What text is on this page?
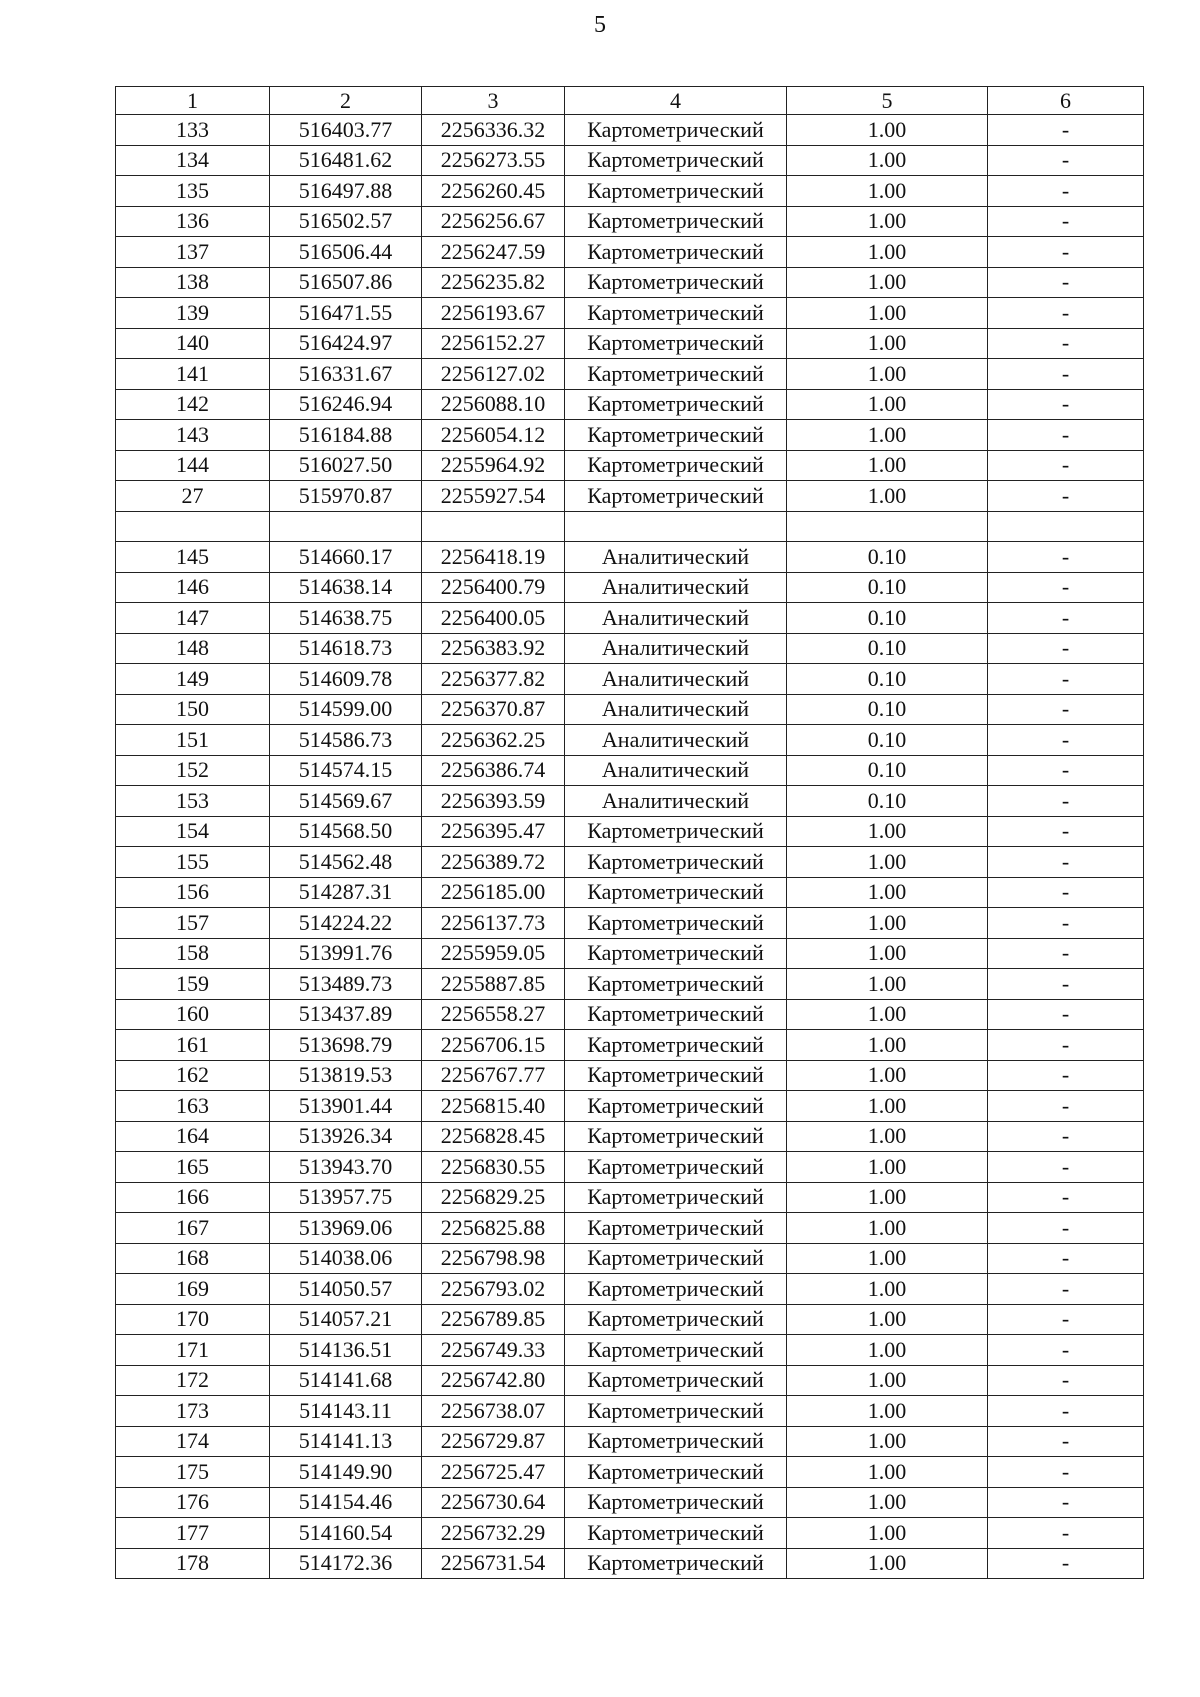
5
1	2	3	4	5	6
133	516403.77	2256336.32	Картометрический	1.00	-
134	516481.62	2256273.55	Картометрический	1.00	-
135	516497.88	2256260.45	Картометрический	1.00	-
136	516502.57	2256256.67	Картометрический	1.00	-
137	516506.44	2256247.59	Картометрический	1.00	-
138	516507.86	2256235.82	Картометрический	1.00	-
139	516471.55	2256193.67	Картометрический	1.00	-
140	516424.97	2256152.27	Картометрический	1.00	-
141	516331.67	2256127.02	Картометрический	1.00	-
142	516246.94	2256088.10	Картометрический	1.00	-
143	516184.88	2256054.12	Картометрический	1.00	-
144	516027.50	2255964.92	Картометрический	1.00	-
27	515970.87	2255927.54	Картометрический	1.00	-

145	514660.17	2256418.19	Аналитический	0.10	-
146	514638.14	2256400.79	Аналитический	0.10	-
147	514638.75	2256400.05	Аналитический	0.10	-
148	514618.73	2256383.92	Аналитический	0.10	-
149	514609.78	2256377.82	Аналитический	0.10	-
150	514599.00	2256370.87	Аналитический	0.10	-
151	514586.73	2256362.25	Аналитический	0.10	-
152	514574.15	2256386.74	Аналитический	0.10	-
153	514569.67	2256393.59	Аналитический	0.10	-
154	514568.50	2256395.47	Картометрический	1.00	-
155	514562.48	2256389.72	Картометрический	1.00	-
156	514287.31	2256185.00	Картометрический	1.00	-
157	514224.22	2256137.73	Картометрический	1.00	-
158	513991.76	2255959.05	Картометрический	1.00	-
159	513489.73	2255887.85	Картометрический	1.00	-
160	513437.89	2256558.27	Картометрический	1.00	-
161	513698.79	2256706.15	Картометрический	1.00	-
162	513819.53	2256767.77	Картометрический	1.00	-
163	513901.44	2256815.40	Картометрический	1.00	-
164	513926.34	2256828.45	Картометрический	1.00	-
165	513943.70	2256830.55	Картометрический	1.00	-
166	513957.75	2256829.25	Картометрический	1.00	-
167	513969.06	2256825.88	Картометрический	1.00	-
168	514038.06	2256798.98	Картометрический	1.00	-
169	514050.57	2256793.02	Картометрический	1.00	-
170	514057.21	2256789.85	Картометрический	1.00	-
171	514136.51	2256749.33	Картометрический	1.00	-
172	514141.68	2256742.80	Картометрический	1.00	-
173	514143.11	2256738.07	Картометрический	1.00	-
174	514141.13	2256729.87	Картометрический	1.00	-
175	514149.90	2256725.47	Картометрический	1.00	-
176	514154.46	2256730.64	Картометрический	1.00	-
177	514160.54	2256732.29	Картометрический	1.00	-
178	514172.36	2256731.54	Картометрический	1.00	-
